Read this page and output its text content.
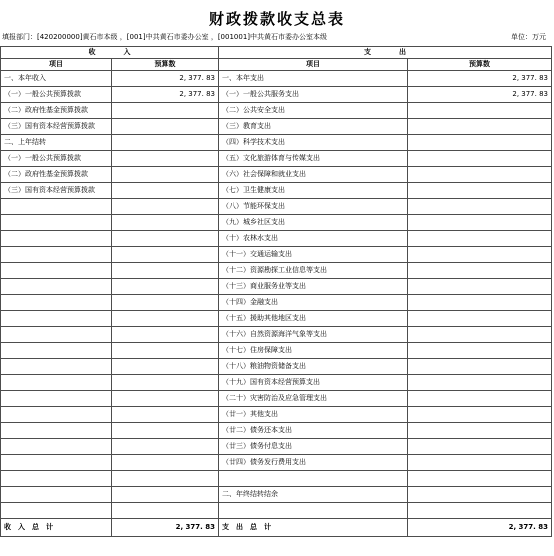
财政拨款收支总表
填报部门：[420200000]黄石市本级 ，[001]中共黄石市委办公室 ，[001001]中共黄石市委办公室本级	单位：万元
收　　　　入		支　　　　出	
项目	预算数	项目	预算数
一、本年收入	2, 377. 83	一、本年支出	2, 377. 83
（一）一般公共预算拨款	2, 377. 83	（一）一般公共服务支出	2, 377. 83
（二）政府性基金预算拨款		（二）公共安全支出	
（三）国有资本经营预算拨款		（三）教育支出	
二、上年结转		（四）科学技术支出	
（一）一般公共预算拨款		（五）文化旅游体育与传媒支出	
（二）政府性基金预算拨款		（六）社会保障和就业支出	
（三）国有资本经营预算拨款		（七）卫生健康支出	
		（八）节能环保支出	
		（九）城乡社区支出	
		（十）农林水支出	
		（十一）交通运输支出	
		（十二）资源勘探工业信息等支出	
		（十三）商业服务业等支出	
		（十四）金融支出	
		（十五）援助其他地区支出	
		（十六）自然资源海洋气象等支出	
		（十七）住房保障支出	
		（十八）粮油物资储备支出	
		（十九）国有资本经营预算支出	
		（二十）灾害防治及应急管理支出	
		（廿一）其他支出	
		（廿二）债务还本支出	
		（廿三）债务付息支出	
		（廿四）债务发行费用支出	

		二、年终结转结余	

收　入　总　计	2, 377. 83	支　出　总　计	2, 377. 83
